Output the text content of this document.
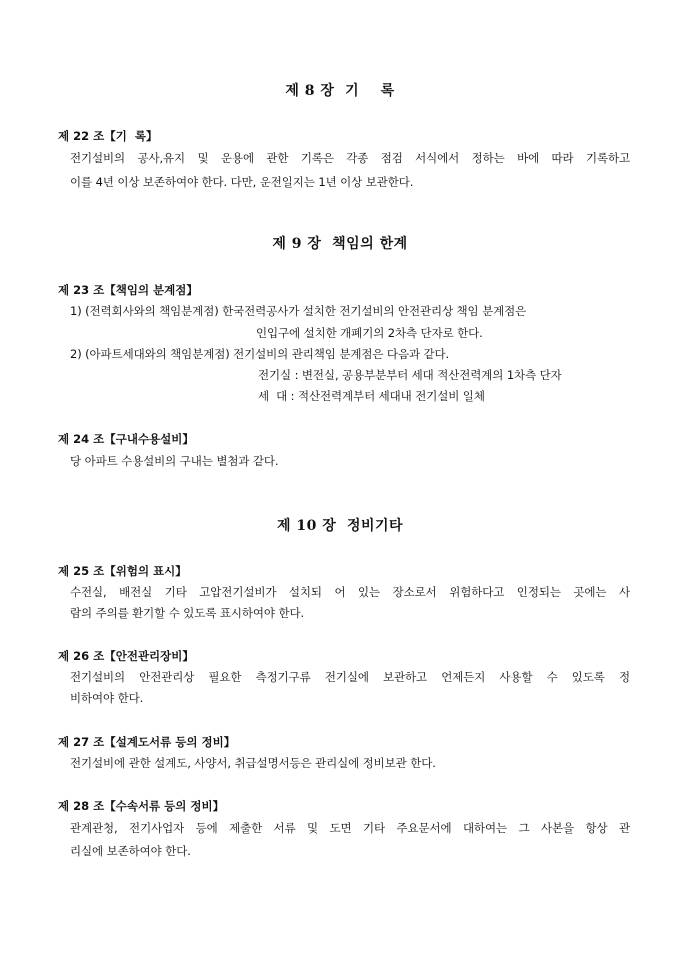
제 8 장  기    록
제 22 조【기  록】
전기설비의 공사,유지 및 운용에 관한 기록은 각종 점검 서식에서 정하는 바에 따라 기록하고
이를 4년 이상 보존하여야 한다. 다만, 운전일지는 1년 이상 보관한다.
제 9 장  책임의 한계
제 23 조【책임의 분계점】
1) (전력회사와의 책임분계점) 한국전력공사가 설치한 전기설비의 안전관리상 책임 분계점은
인입구에 설치한 개폐기의 2차측 단자로 한다.
2) (아파트세대와의 책임분계점) 전기설비의 관리책임 분계점은 다음과 같다.
전기실 : 변전실, 공용부분부터 세대 적산전력계의 1차측 단자
세  대 : 적산전력계부터 세대내 전기설비 일체
제 24 조【구내수용설비】
당 아파트 수용설비의 구내는 별첨과 같다.
제 10 장  정비기타
제 25 조【위험의 표시】
수전실, 배전실 기타 고압전기설비가 설치되 어 있는 장소로서 위험하다고 인정되는 곳에는 사
람의 주의를 환기할 수 있도록 표시하여야 한다.
제 26 조【안전관리장비】
전기설비의 안전관리상 필요한 측정기구류 전기실에 보관하고 언제든지 사용할 수 있도록 정
비하여야 한다.
제 27 조【설계도서류 등의 정비】
전기설비에 관한 설계도, 사양서, 취급설명서등은 관리실에 정비보관 한다.
제 28 조【수속서류 등의 정비】
관계관청, 전기사업자 등에 제출한 서류 및 도면 기타 주요문서에 대하여는 그 사본을 항상 관
리실에 보존하여야 한다.
